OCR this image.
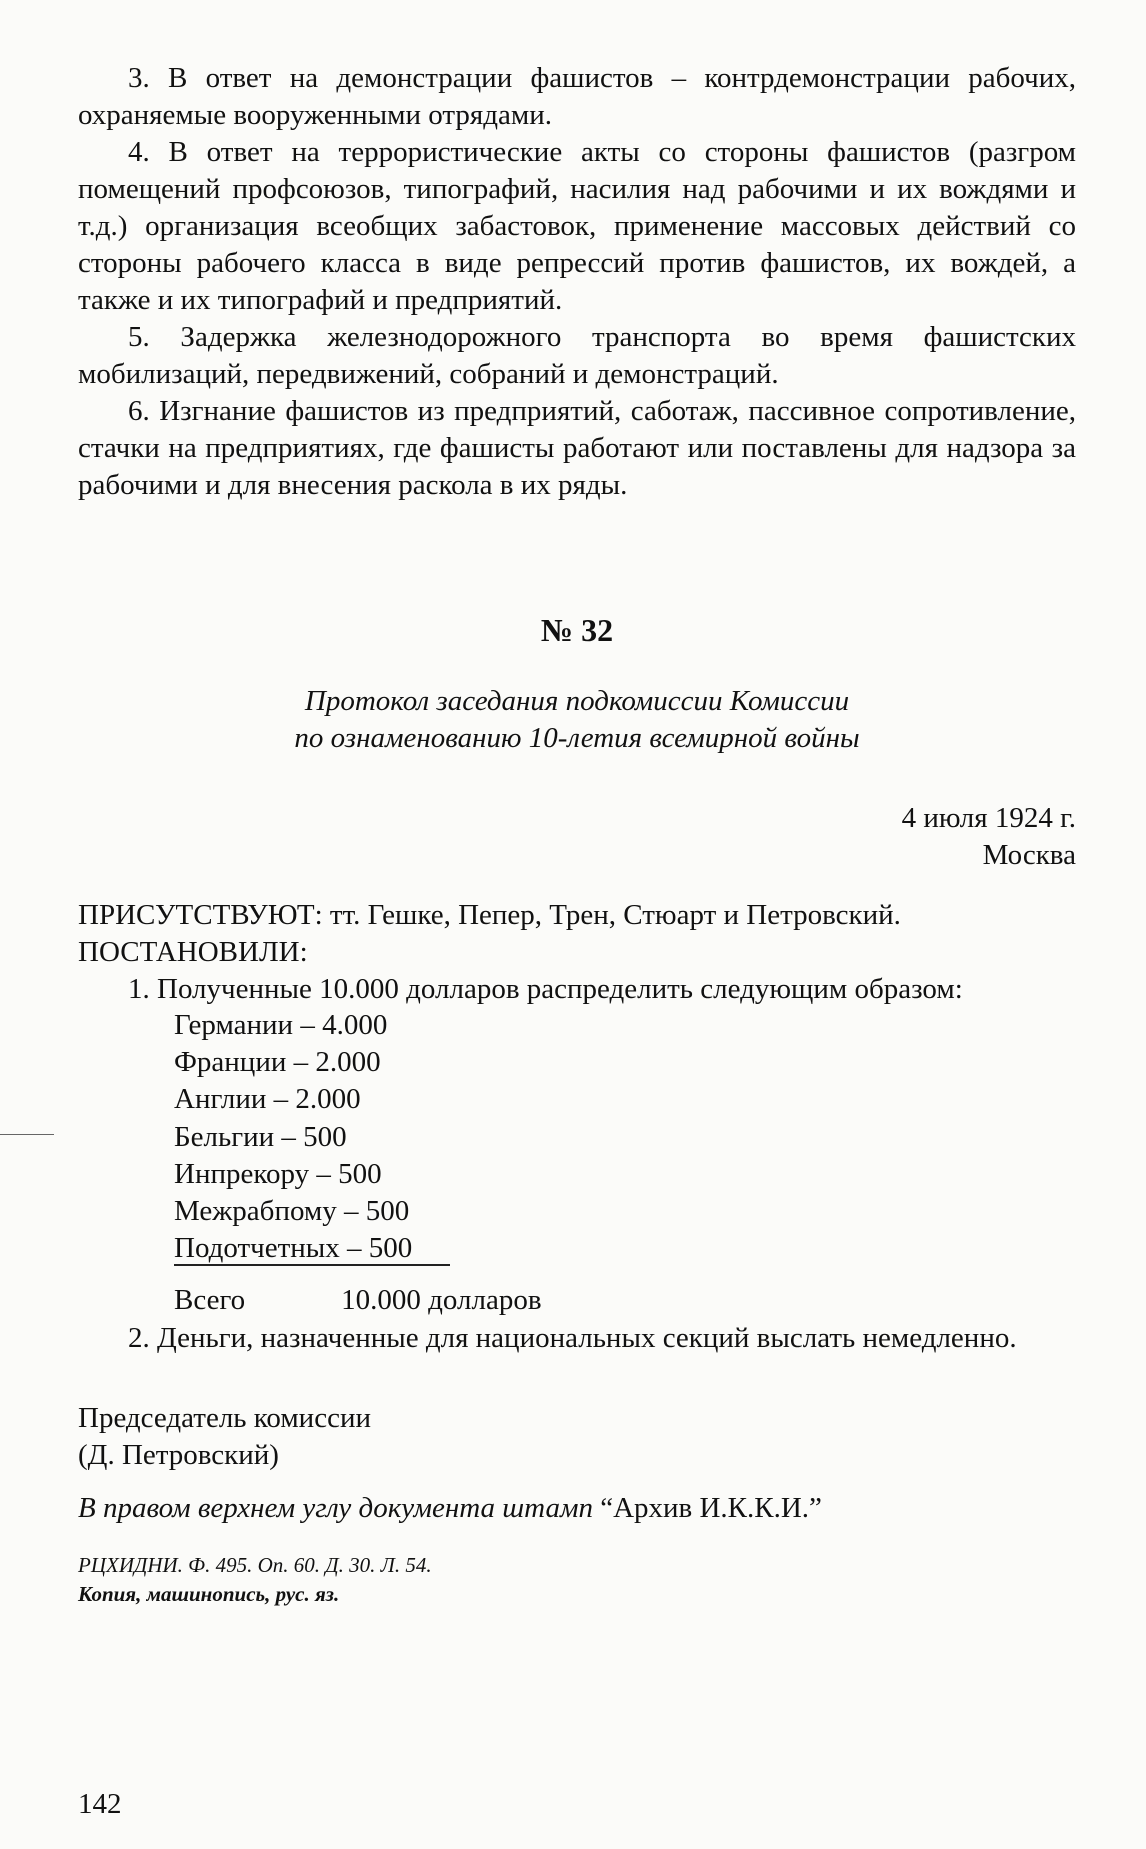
3. В ответ на демонстрации фашистов – контрдемонстрации рабочих, охраняемые вооруженными отрядами.

4. В ответ на террористические акты со стороны фашистов (разгром помещений профсоюзов, типографий, насилия над рабочими и их вождями и т.д.) организация всеобщих забастовок, применение массовых действий со стороны рабочего класса в виде репрессий против фашистов, их вождей, а также и их типографий и предприятий.

5. Задержка железнодорожного транспорта во время фашистских мобилизаций, передвижений, собраний и демонстраций.

6. Изгнание фашистов из предприятий, саботаж, пассивное сопротивление, стачки на предприятиях, где фашисты работают или поставлены для надзора за рабочими и для внесения раскола в их ряды.

№ 32

Протокол заседания подкомиссии Комиссии
по ознаменованию 10-летия всемирной войны
4 июля 1924 г.
Москва
ПРИСУТСТВУЮТ: тт. Гешке, Пепер, Трен, Стюарт и Петровский.
ПОСТАНОВИЛИ:
1. Полученные 10.000 долларов распределить следующим образом:
Германии – 4.000
Франции – 2.000
Англии – 2.000
Бельгии – 500
Инпрекору – 500
Межрабпому – 500
Подотчетных – 500
Всего	10.000 долларов

2. Деньги, назначенные для национальных секций выслать немедленно.

Председатель комиссии
(Д. Петровский)
В правом верхнем углу документа штамп “Архив И.К.К.И.”
РЦХИДНИ. Ф. 495. Оп. 60. Д. 30. Л. 54.
Копия, машинопись, рус. яз.
142
